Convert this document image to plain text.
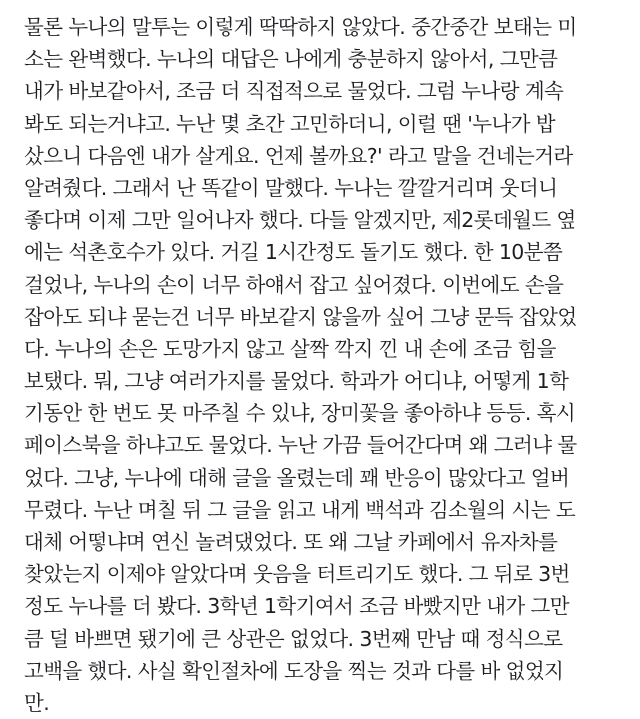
물론 누나의 말투는 이렇게 딱딱하지 않았다. 중간중간 보태는 미
소는 완벽했다. 누나의 대답은 나에게 충분하지 않아서, 그만큼
내가 바보같아서, 조금 더 직접적으로 물었다. 그럼 누나랑 계속
봐도 되는거냐고. 누난 몇 초간 고민하더니, 이럴 땐 '누나가 밥
샀으니 다음엔 내가 살게요. 언제 볼까요?' 라고 말을 건네는거라
알려줬다. 그래서 난 똑같이 말했다. 누나는 깔깔거리며 웃더니
좋다며 이제 그만 일어나자 했다. 다들 알겠지만, 제2롯데월드 옆
에는 석촌호수가 있다. 거길 1시간정도 돌기도 했다. 한 10분쯤
걸었나, 누나의 손이 너무 하얘서 잡고 싶어졌다. 이번에도 손을
잡아도 되냐 묻는건 너무 바보같지 않을까 싶어 그냥 문득 잡았었
다. 누나의 손은 도망가지 않고 살짝 깍지 낀 내 손에 조금 힘을
보탰다. 뭐, 그냥 여러가지를 물었다. 학과가 어디냐, 어떻게 1학
기동안 한 번도 못 마주칠 수 있냐, 장미꽃을 좋아하냐 등등. 혹시
페이스북을 하냐고도 물었다. 누난 가끔 들어간다며 왜 그러냐 물
었다. 그냥, 누나에 대해 글을 올렸는데 꽤 반응이 많았다고 얼버
무렸다. 누난 며칠 뒤 그 글을 읽고 내게 백석과 김소월의 시는 도
대체 어떻냐며 연신 놀려댔었다. 또 왜 그날 카페에서 유자차를
찾았는지 이제야 알았다며 웃음을 터트리기도 했다. 그 뒤로 3번
정도 누나를 더 봤다. 3학년 1학기여서 조금 바빴지만 내가 그만
큼 덜 바쁘면 됐기에 큰 상관은 없었다. 3번째 만남 때 정식으로
고백을 했다. 사실 확인절차에 도장을 찍는 것과 다를 바 없었지
만.
